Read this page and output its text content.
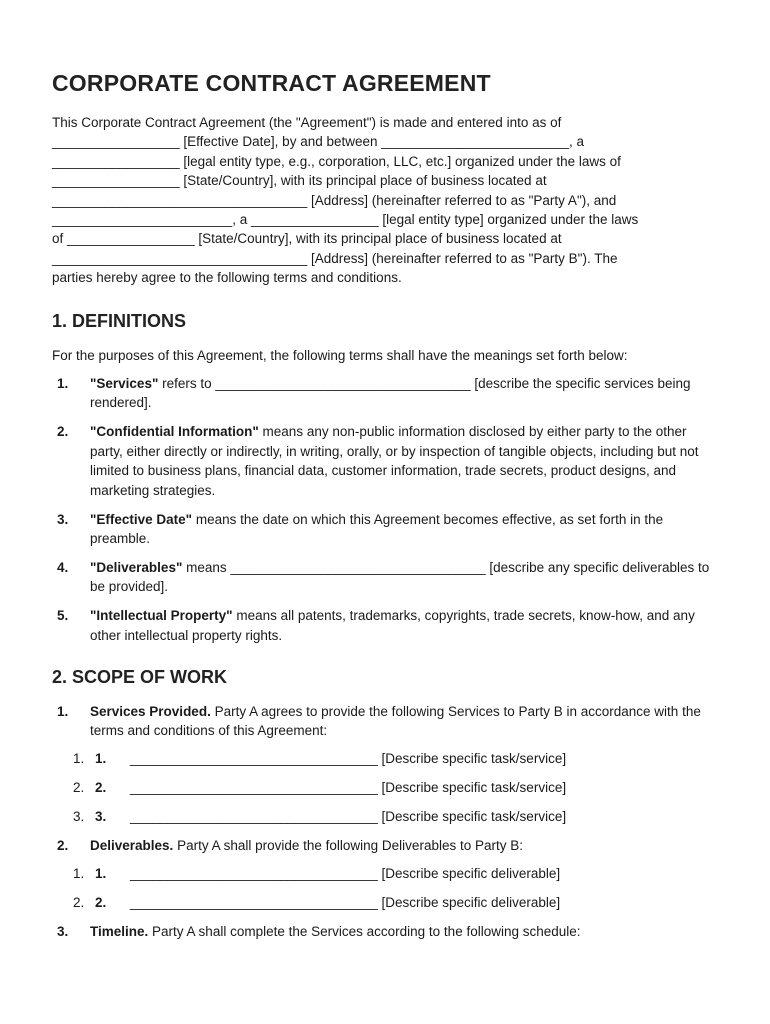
CORPORATE CONTRACT AGREEMENT

This Corporate Contract Agreement (the "Agreement") is made and entered into as of
_________________ [Effective Date], by and between _________________________, a
_________________ [legal entity type, e.g., corporation, LLC, etc.] organized under the laws of
_________________ [State/Country], with its principal place of business located at
__________________________________ [Address] (hereinafter referred to as "Party A"), and
________________________, a _________________ [legal entity type] organized under the laws
of _________________ [State/Country], with its principal place of business located at
__________________________________ [Address] (hereinafter referred to as "Party B"). The
parties hereby agree to the following terms and conditions.

1. DEFINITIONS

For the purposes of this Agreement, the following terms shall have the meanings set forth below:

1. "Services" refers to __________________________________ [describe the specific services being rendered].
2. "Confidential Information" means any non-public information disclosed by either party to the other party, either directly or indirectly, in writing, orally, or by inspection of tangible objects, including but not limited to business plans, financial data, customer information, trade secrets, product designs, and marketing strategies.
3. "Effective Date" means the date on which this Agreement becomes effective, as set forth in the preamble.
4. "Deliverables" means __________________________________ [describe any specific deliverables to be provided].
5. "Intellectual Property" means all patents, trademarks, copyrights, trade secrets, know-how, and any other intellectual property rights.
2. SCOPE OF WORK
1. Services Provided. Party A agrees to provide the following Services to Party B in accordance with the terms and conditions of this Agreement:
1. 1. _________________________________ [Describe specific task/service]
2. 2. _________________________________ [Describe specific task/service]
3. 3. _________________________________ [Describe specific task/service]
2. Deliverables. Party A shall provide the following Deliverables to Party B:
1. 1. _________________________________ [Describe specific deliverable]
2. 2. _________________________________ [Describe specific deliverable]
3. Timeline. Party A shall complete the Services according to the following schedule:
